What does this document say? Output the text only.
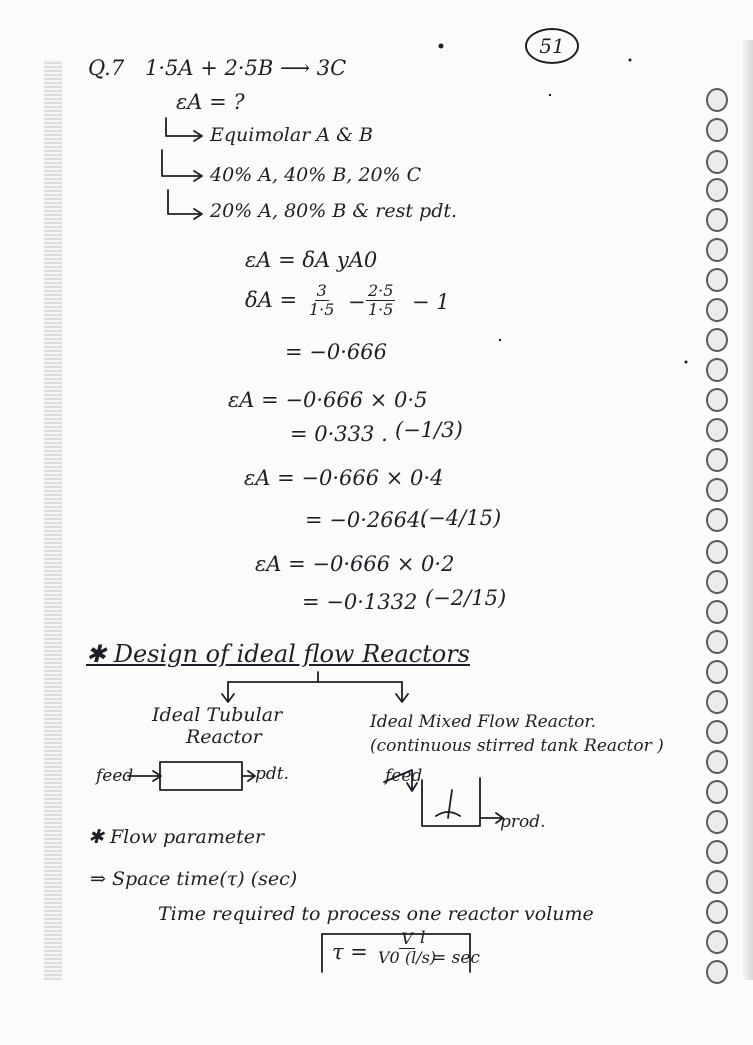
51
Q.7 1·5A + 2·5B ⟶ 3C
εA = ?
Equimolar A & B
40% A, 40% B, 20% C
20% A, 80% B & rest pdt.
εA = δA yA0
$\delta A = \frac{3}{1\cdot 5} - \frac{2\cdot 5}{1\cdot 5} - 1$
= −0·666
εA = −0·666 × 0·5
= 0·333 . (−1/3)
εA = −0·666 × 0·4
= −0·2664.
(−4/15)
εA = −0·666 × 0·2
= −0·1332 (−2/15)
✱ Design of ideal flow Reactors
Ideal Tubular
Reactor
Ideal Mixed Flow Reactor.
(continuous stirred tank Reactor )
feed	pdt.	feed
prod.
✱ Flow parameter
⇒ Space time(τ) (sec)
Time required to process one reactor volume
$\tau = \frac{V}{V0 (l/s)}$
l
= sec
